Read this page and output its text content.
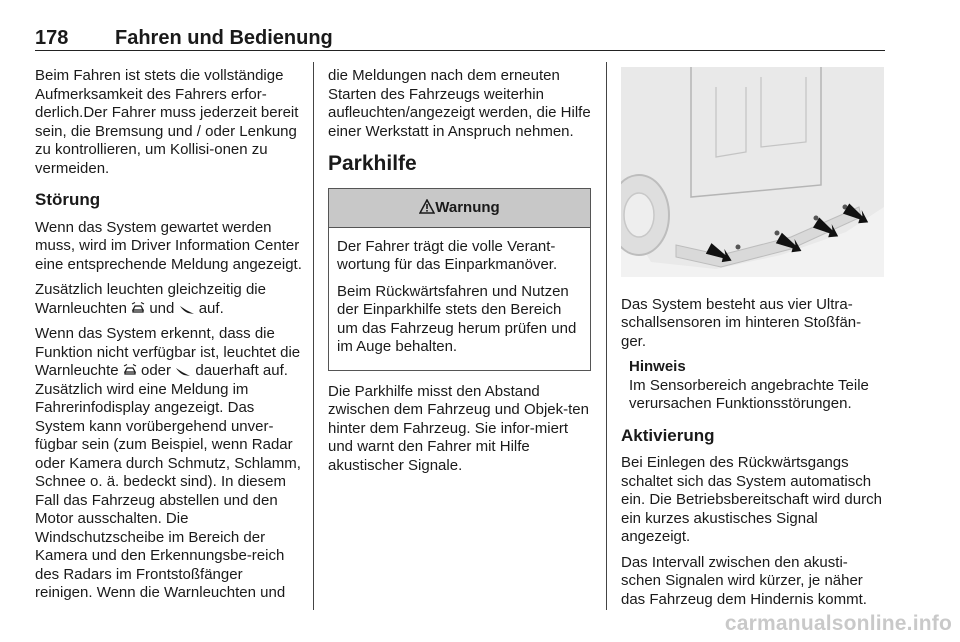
178 Fahren und Bedienung

Beim Fahren ist stets die vollständige Aufmerksamkeit des Fahrers erfor-derlich.Der Fahrer muss jederzeit bereit sein, die Bremsung und / oder Lenkung zu kontrollieren, um Kollisi-onen zu vermeiden.

Störung

Wenn das System gewartet werden muss, wird im Driver Information Center eine entsprechende Meldung angezeigt.

Zusätzlich leuchten gleichzeitig die Warnleuchten und auf.

Wenn das System erkennt, dass die Funktion nicht verfügbar ist, leuchtet die Warnleuchte oder dauerhaft auf. Zusätzlich wird eine Meldung im Fahrerinfodisplay angezeigt. Das System kann vorübergehend unver-fügbar sein (zum Beispiel, wenn Radar oder Kamera durch Schmutz, Schlamm, Schnee o. ä. bedeckt sind). In diesem Fall das Fahrzeug abstellen und den Motor ausschalten. Die Windschutzscheibe im Bereich der Kamera und den Erkennungsbe-reich des Radars im Frontstoßfänger reinigen. Wenn die Warnleuchten und

die Meldungen nach dem erneuten Starten des Fahrzeugs weiterhin aufleuchten/angezeigt werden, die Hilfe einer Werkstatt in Anspruch nehmen.

Parkhilfe
Warnung

Der Fahrer trägt die volle Verant-wortung für das Einparkmanöver.

Beim Rückwärtsfahren und Nutzen der Einparkhilfe stets den Bereich um das Fahrzeug herum prüfen und im Auge behalten.

Die Parkhilfe misst den Abstand zwischen dem Fahrzeug und Objek-ten hinter dem Fahrzeug. Sie infor-miert und warnt den Fahrer mit Hilfe akustischer Signale.

Das System besteht aus vier Ultra-schallsensoren im hinteren Stoßfän-ger.

Hinweis
Im Sensorbereich angebrachte Teile verursachen Funktionsstörungen.
Aktivierung

Bei Einlegen des Rückwärtsgangs schaltet sich das System automatisch ein. Die Betriebsbereitschaft wird durch ein kurzes akustisches Signal angezeigt.

Das Intervall zwischen den akusti-schen Signalen wird kürzer, je näher das Fahrzeug dem Hindernis kommt.

carmanualsonline.info
